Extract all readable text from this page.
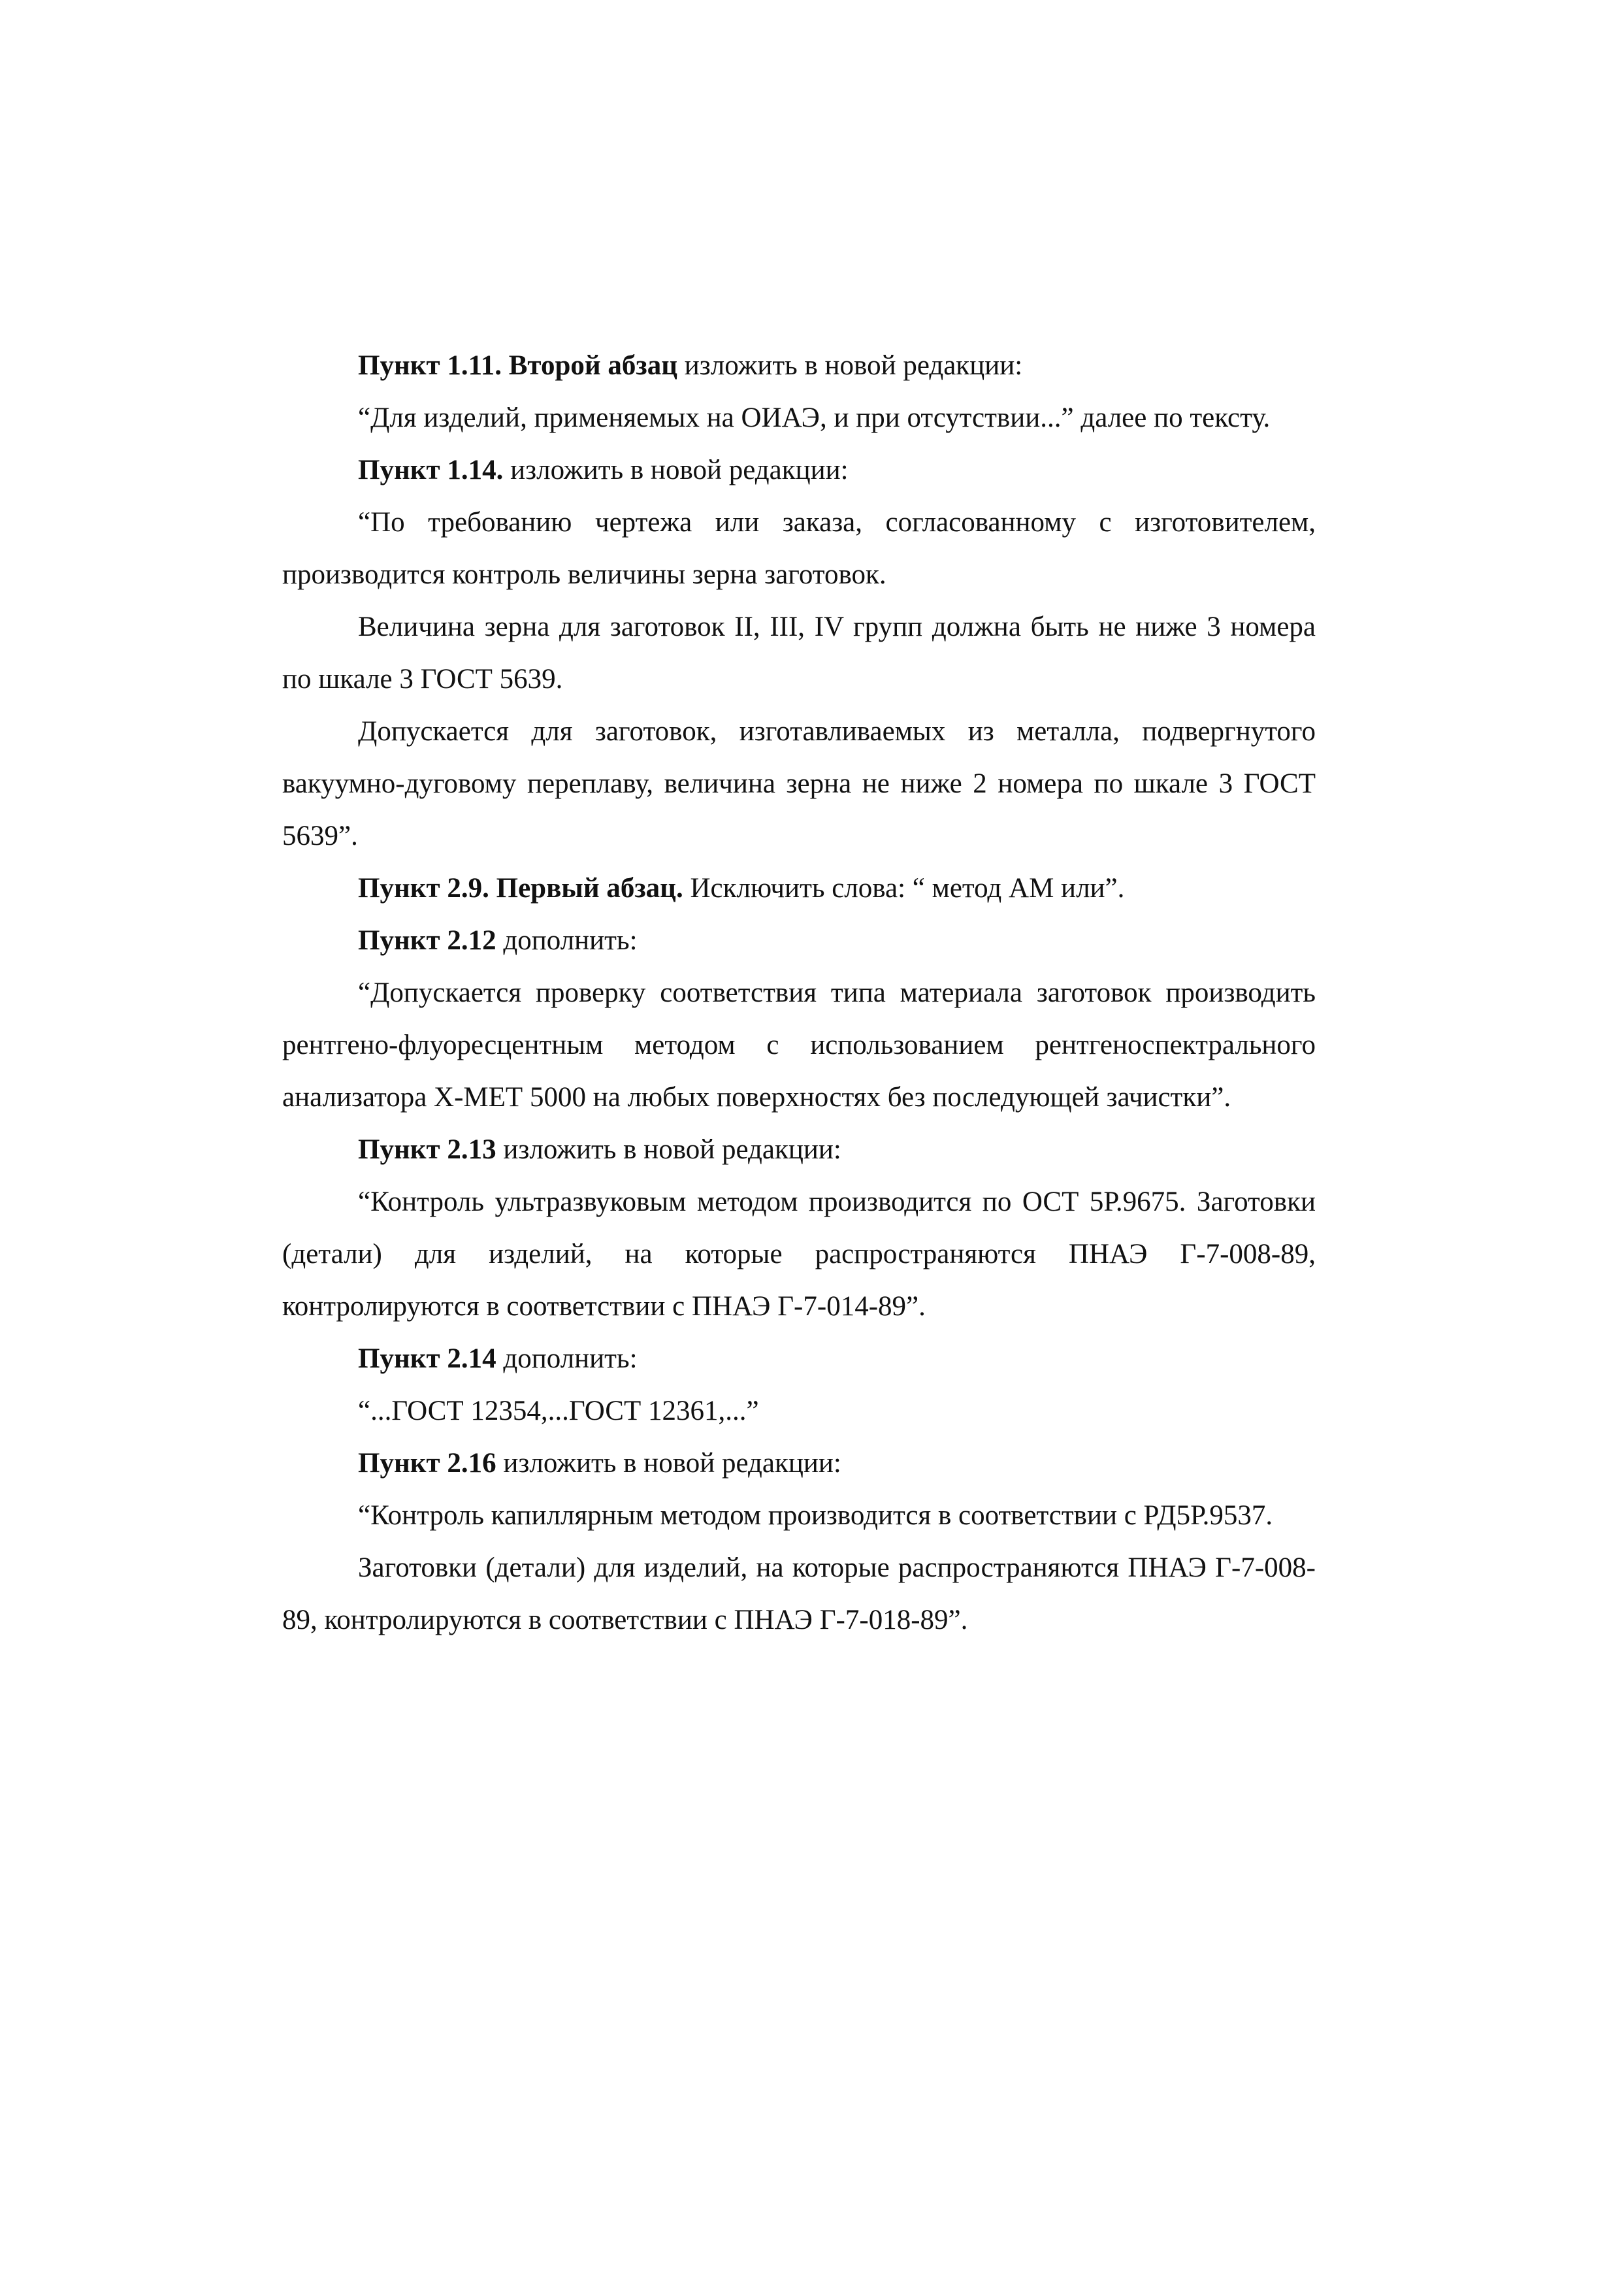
Пункт 1.11. Второй абзац изложить в новой редакции:

“Для изделий, применяемых на ОИАЭ, и при отсутствии...” далее по тексту.

Пункт 1.14. изложить в новой редакции:

“По требованию чертежа или заказа, согласованному с изготовителем, производится контроль величины зерна заготовок.

Величина зерна для заготовок II, III, IV групп должна быть не ниже 3 номера по шкале 3 ГОСТ 5639.

Допускается для заготовок, изготавливаемых из металла, подвергнутого вакуумно-дуговому переплаву, величина зерна не ниже 2 номера по шкале 3 ГОСТ 5639”.

Пункт 2.9. Первый абзац. Исключить слова: “ метод АМ или”.

Пункт 2.12 дополнить:

“Допускается проверку соответствия типа материала заготовок производить рентгено-флуоресцентным методом с использованием рентгеноспектрального анализатора Х-МЕТ 5000 на любых поверхностях без последующей зачистки”.

Пункт 2.13 изложить в новой редакции:

“Контроль ультразвуковым методом производится по ОСТ 5Р.9675. Заготовки (детали) для изделий, на которые распространяются ПНАЭ Г-7-008-89, контролируются в соответствии с ПНАЭ Г-7-014-89”.

Пункт 2.14 дополнить:

“...ГОСТ 12354,...ГОСТ 12361,...”

Пункт 2.16 изложить в новой редакции:

“Контроль капиллярным методом производится в соответствии с РД5Р.9537.

Заготовки (детали) для изделий, на которые распространяются ПНАЭ Г-7-008-89, контролируются в соответствии с ПНАЭ Г-7-018-89”.
